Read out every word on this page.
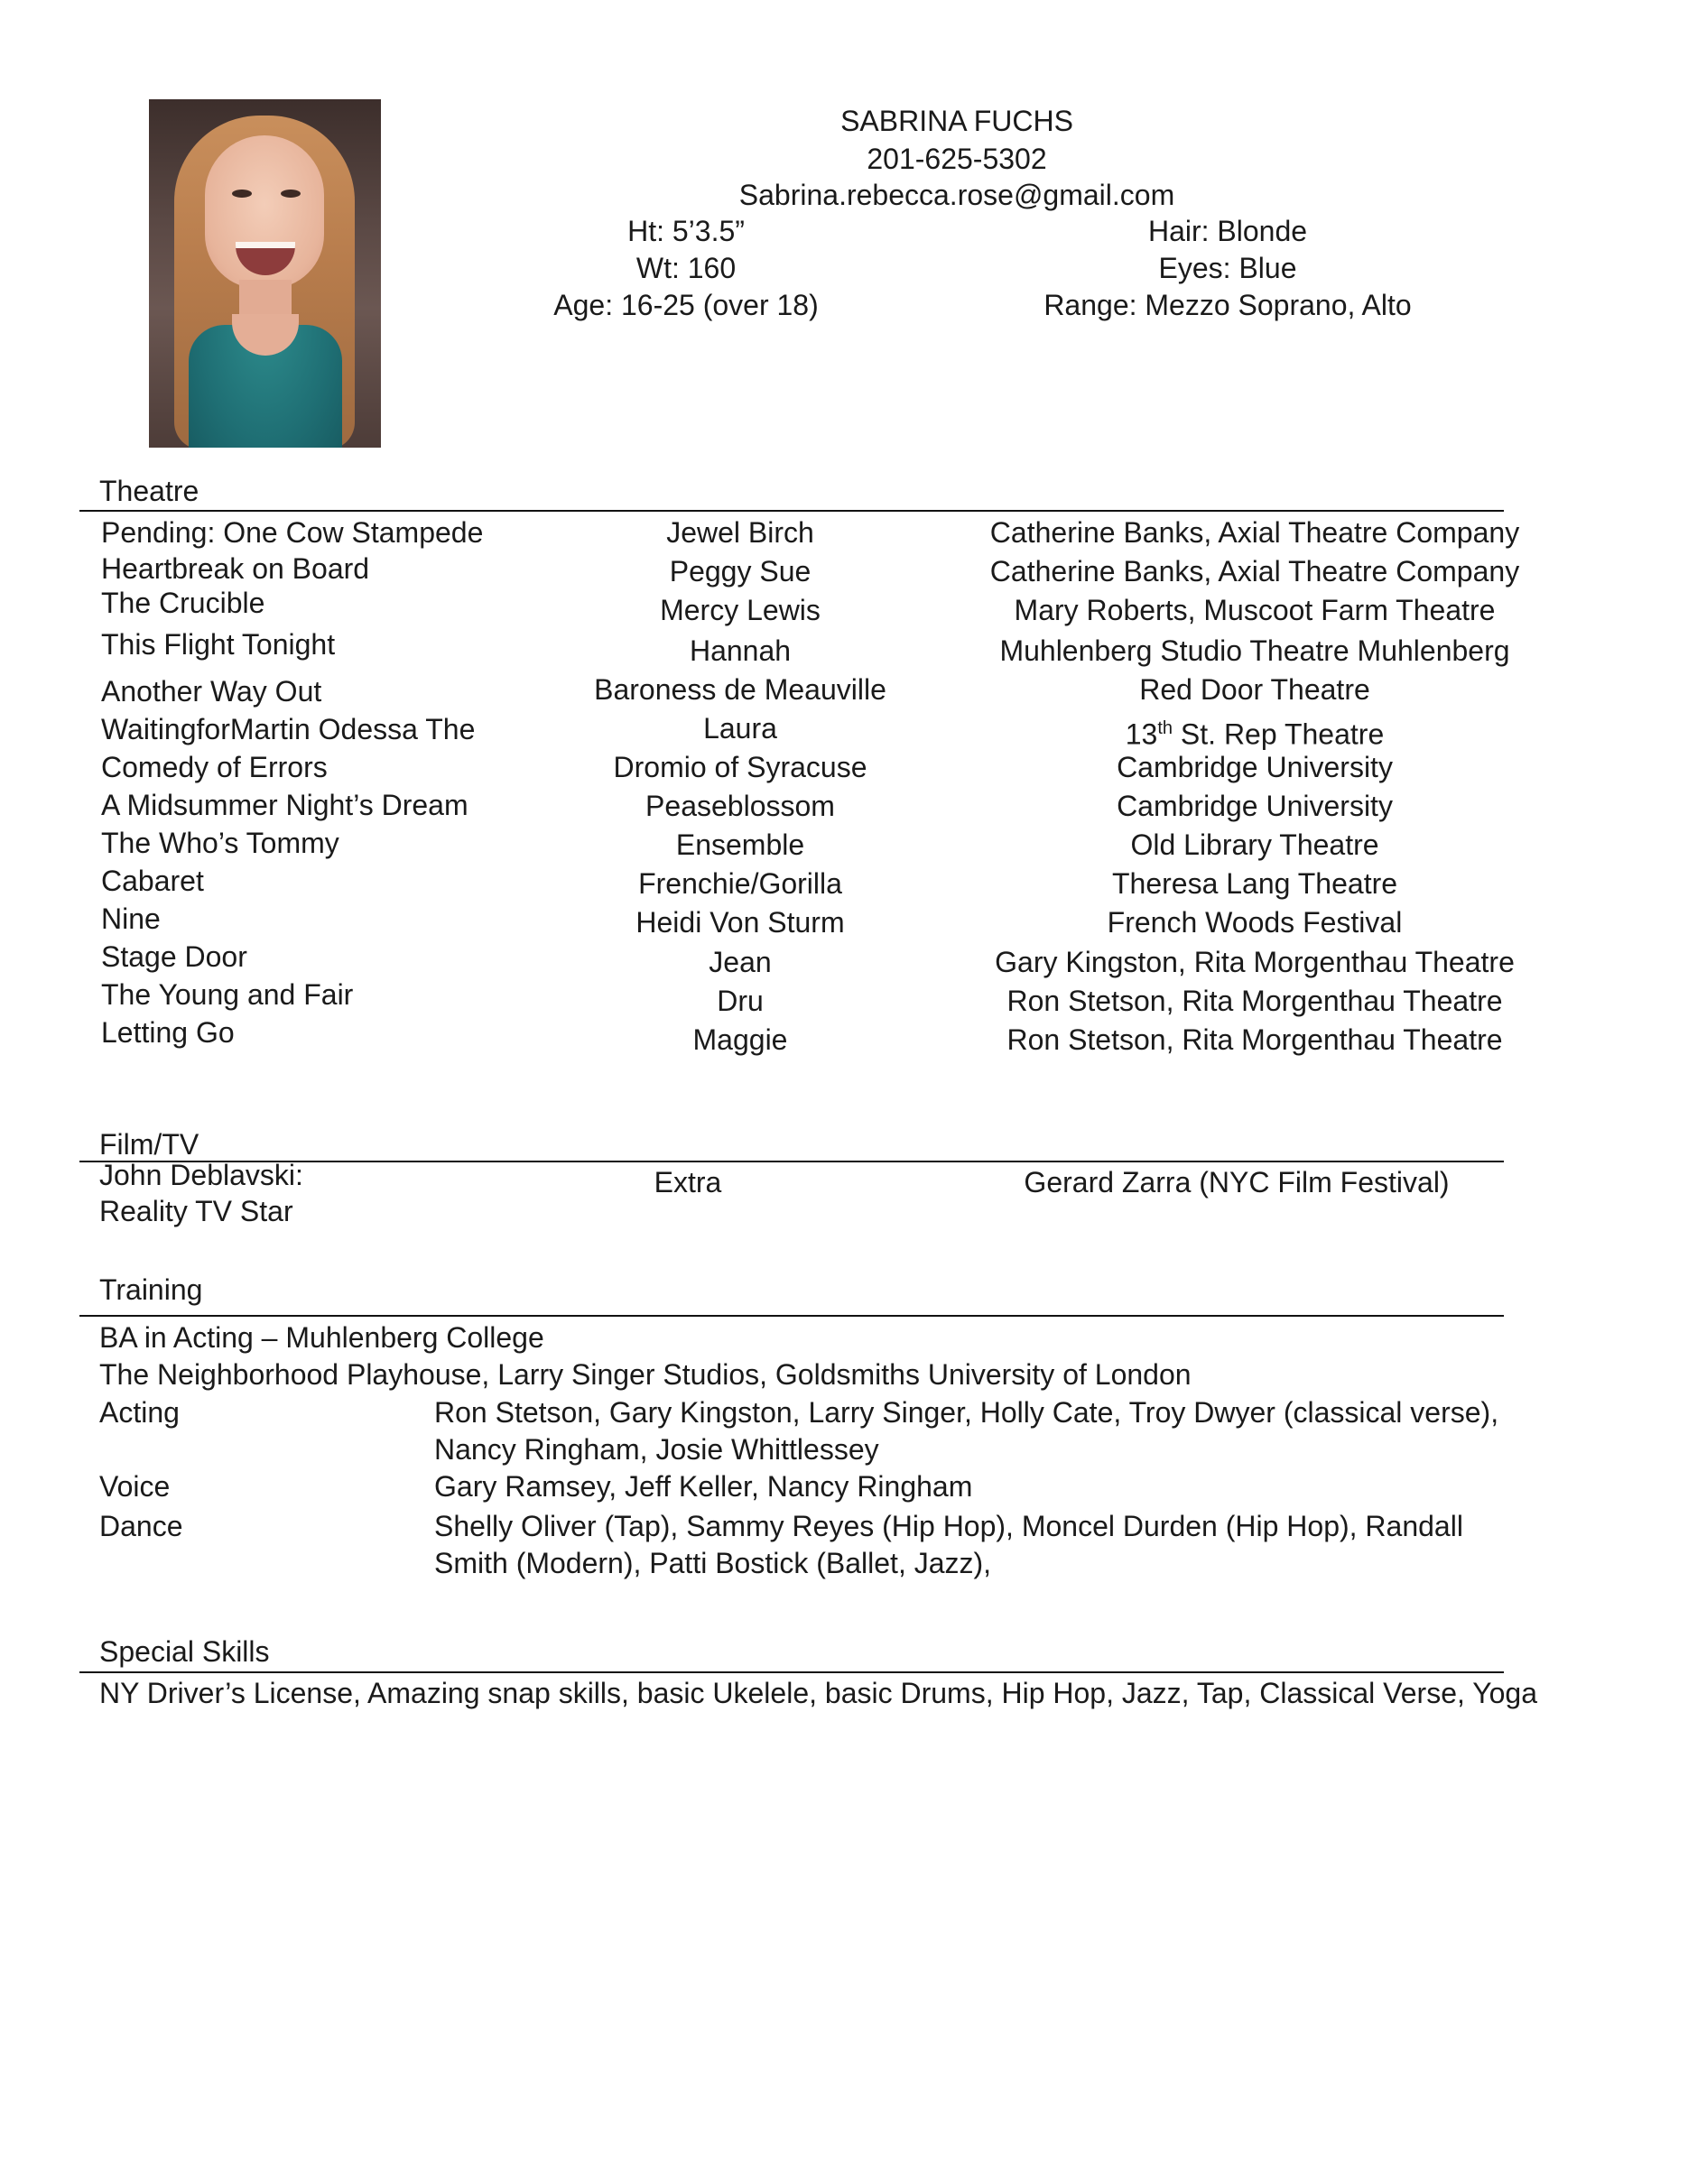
SABRINA FUCHS
201-625-5302
Sabrina.rebecca.rose@gmail.com
Ht: 5’3.5”
Wt: 160
Age: 16-25 (over 18)
Hair: Blonde
Eyes: Blue
Range: Mezzo Soprano, Alto
Theatre
Pending: One Cow Stampede	Jewel Birch	Catherine Banks, Axial Theatre Company
Heartbreak on Board	Peggy Sue	Catherine Banks, Axial Theatre Company
The Crucible	Mercy Lewis	Mary Roberts, Muscoot Farm Theatre
This Flight Tonight	Hannah	Muhlenberg Studio Theatre Muhlenberg
Another Way Out	Baroness de Meauville	Red Door Theatre
WaitingforMartin Odessa The	Laura	13th St. Rep Theatre
Comedy of Errors	Dromio of Syracuse	Cambridge University
A Midsummer Night’s Dream	Peaseblossom	Cambridge University
The Who’s Tommy	Ensemble	Old Library Theatre
Cabaret	Frenchie/Gorilla	Theresa Lang Theatre
Nine	Heidi Von Sturm	French Woods Festival
Stage Door	Jean	Gary Kingston, Rita Morgenthau Theatre
The Young and Fair	Dru	Ron Stetson, Rita Morgenthau Theatre
Letting Go	Maggie	Ron Stetson, Rita Morgenthau Theatre
Film/TV
John Deblavski:
Reality TV Star
Extra	Gerard Zarra (NYC Film Festival)
Training
BA in Acting – Muhlenberg College
The Neighborhood Playhouse, Larry Singer Studios, Goldsmiths University of London
Acting	Ron Stetson, Gary Kingston, Larry Singer, Holly Cate, Troy Dwyer (classical verse),
Nancy Ringham, Josie Whittlessey
Voice	Gary Ramsey, Jeff Keller, Nancy Ringham
Dance	Shelly Oliver (Tap), Sammy Reyes (Hip Hop), Moncel Durden (Hip Hop), Randall
Smith (Modern), Patti Bostick (Ballet, Jazz),
Special Skills
NY Driver’s License, Amazing snap skills, basic Ukelele, basic Drums, Hip Hop, Jazz, Tap, Classical Verse, Yoga
